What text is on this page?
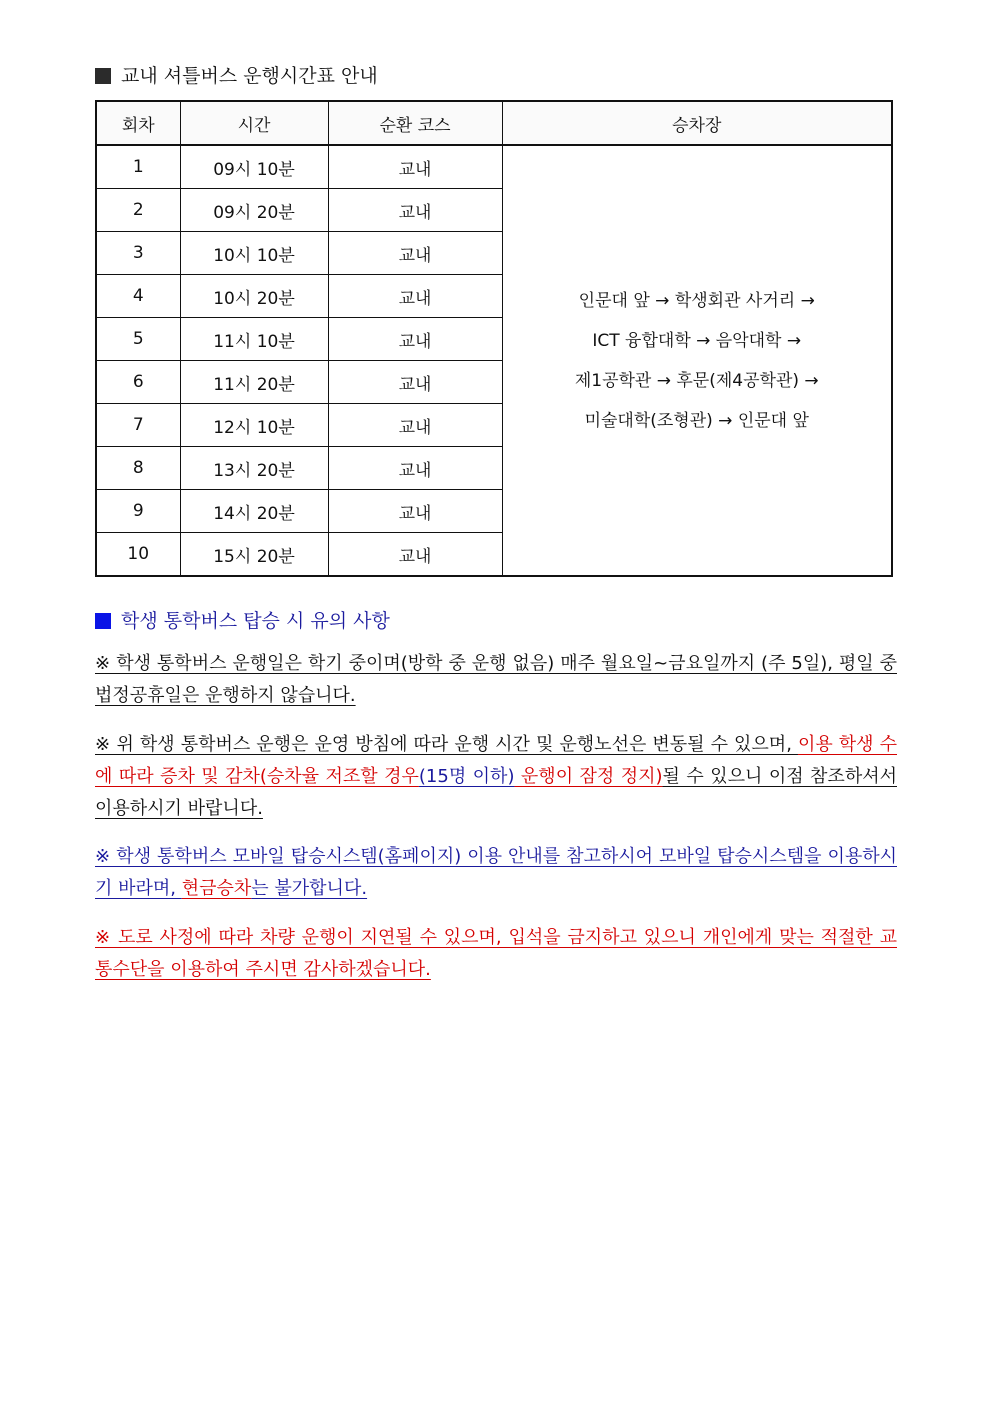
교내 셔틀버스 운행시간표 안내
회차	시간	순환 코스	승차장
1	09시 10분	교내	인문대 앞 → 학생회관 사거리 →
ICT 융합대학 → 음악대학 →
제1공학관 → 후문(제4공학관) →
미술대학(조형관) → 인문대 앞

2	09시 20분	교내	
3	10시 10분	교내	
4	10시 20분	교내	
5	11시 10분	교내	
6	11시 20분	교내	
7	12시 10분	교내	
8	13시 20분	교내	
9	14시 20분	교내	
10	15시 20분	교내	
학생 통학버스 탑승 시 유의 사항
※ 학생 통학버스 운행일은 학기 중이며(방학 중 운행 없음) 매주 월요일~금요일까지 (주 5일), 평일 중 법정공휴일은 운행하지 않습니다.
※ 위 학생 통학버스 운행은 운영 방침에 따라 운행 시간 및 운행노선은 변동될 수 있으며, 이용 학생 수에 따라 증차 및 감차(승차율 저조할 경우(15명 이하) 운행이 잠정 정지)될 수 있으니 이점 참조하셔서 이용하시기 바랍니다.
※ 학생 통학버스 모바일 탑승시스템(홈페이지) 이용 안내를 참고하시어 모바일 탑승시스템을 이용하시기 바라며, 현금승차는 불가합니다.
※ 도로 사정에 따라 차량 운행이 지연될 수 있으며, 입석을 금지하고 있으니 개인에게 맞는 적절한 교통수단을 이용하여 주시면 감사하겠습니다.
